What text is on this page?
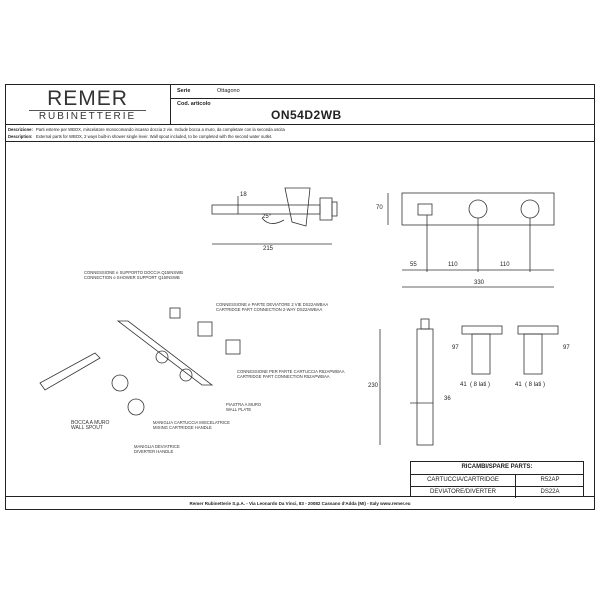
REMER
RUBINETTERIE
Serie	Ottagono
Cod. articolo
ON54D2WB
Descrizione: Parti esterne per WBOX, miscelatore monocomando incasso doccia 2 vie. Include bocca a muro, da completare con la seconda uscita
Description: External parts for WBOX, 2 ways built-in shower single lever. Wall spout included, to be completed with the second water outlet.
18
25°
215
70
55	110	110
330
230
36
97	97
41 ( 8 lati )	41 ( 8 lati )
CONNESSIONE e SUPPORTO DOCCIA Q15INSWB
CONNECTION e SHOWER SUPPORT Q15INSWB
CONNESSIONE e PARTE DEVIATORE 2 VIE DS22AWBAA
CARTRIDGE PART CONNECTION 2-WAY DS22AWBAA
CONNESSIONE PER PARTE CARTUCCIA R52APWBAA
CARTRIDGE PART CONNECTION R52APWBAA
PIASTRA A MURO
WALL PLATE
BOCCA A MURO
WALL SPOUT
MANIGLIA CARTUCCIA MISCELATRICE
MIXING CARTRIDGE HANDLE
MANIGLIA DEVIATRICE
DIVERTER HANDLE
RICAMBI/SPARE PARTS:
CARTUCCIA/CARTRIDGE	R52AP
DEVIATORE/DIVERTER	DS22A
Remer Rubinetterie S.p.A. - Via Leonardo Da Vinci, 83 - 20082 Cassano d'Adda (MI) - Italy www.remer.eu
